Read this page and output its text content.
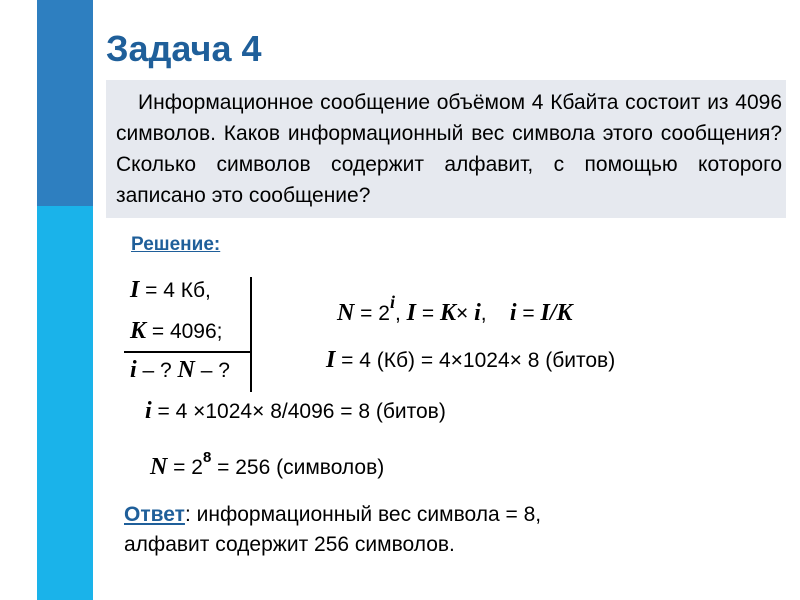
Задача 4

Информационное сообщение объёмом 4 Кбайта состоит из 4096 символов. Каков информационный вес символа этого сообщения? Сколько символов содержит алфавит, с помощью которого записано это сообщение?

Решение:
I = 4 Кб,
K = 4096;
i – ? N – ?
N = 2i, I = K× i,    i = I/K
I = 4 (Кб) = 4×1024× 8 (битов)
i = 4 ×1024× 8/4096 = 8 (битов)
$N = 2^8 = 256$ (символов)
Ответ: информационный вес символа = 8,
алфавит содержит 256 символов.
